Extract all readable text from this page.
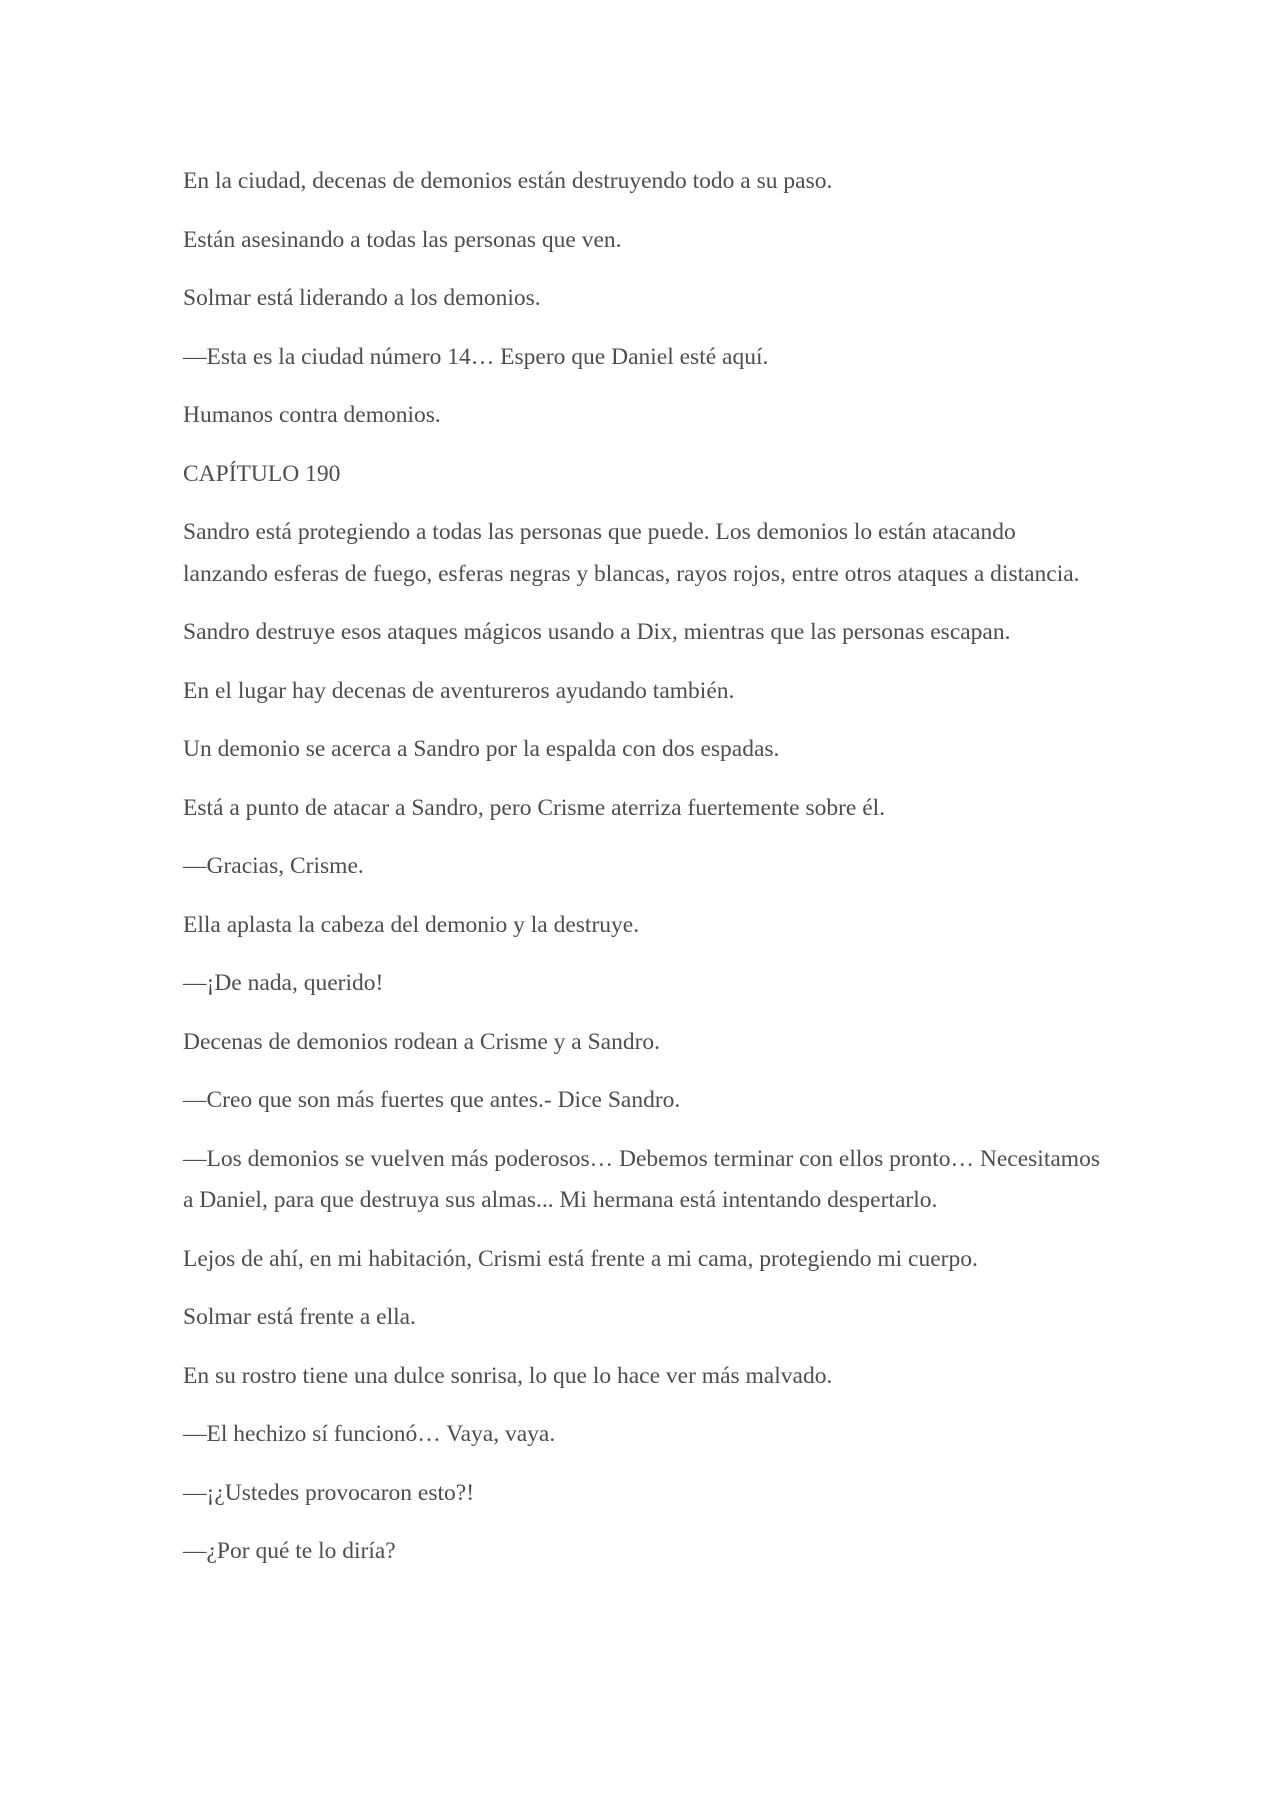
En la ciudad, decenas de demonios están destruyendo todo a su paso.

Están asesinando a todas las personas que ven.

Solmar está liderando a los demonios.

—Esta es la ciudad número 14… Espero que Daniel esté aquí.

Humanos contra demonios.

CAPÍTULO 190

Sandro está protegiendo a todas las personas que puede. Los demonios lo están atacando lanzando esferas de fuego, esferas negras y blancas, rayos rojos, entre otros ataques a distancia.

Sandro destruye esos ataques mágicos usando a Dix, mientras que las personas escapan.

En el lugar hay decenas de aventureros ayudando también.

Un demonio se acerca a Sandro por la espalda con dos espadas.

Está a punto de atacar a Sandro, pero Crisme aterriza fuertemente sobre él.

—Gracias, Crisme.

Ella aplasta la cabeza del demonio y la destruye.

—¡De nada, querido!

Decenas de demonios rodean a Crisme y a Sandro.

—Creo que son más fuertes que antes.- Dice Sandro.

—Los demonios se vuelven más poderosos… Debemos terminar con ellos pronto… Necesitamos a Daniel, para que destruya sus almas... Mi hermana está intentando despertarlo.

Lejos de ahí, en mi habitación, Crismi está frente a mi cama, protegiendo mi cuerpo.

Solmar está frente a ella.

En su rostro tiene una dulce sonrisa, lo que lo hace ver más malvado.

—El hechizo sí funcionó… Vaya, vaya.

—¡¿Ustedes provocaron esto?!

—¿Por qué te lo diría?
